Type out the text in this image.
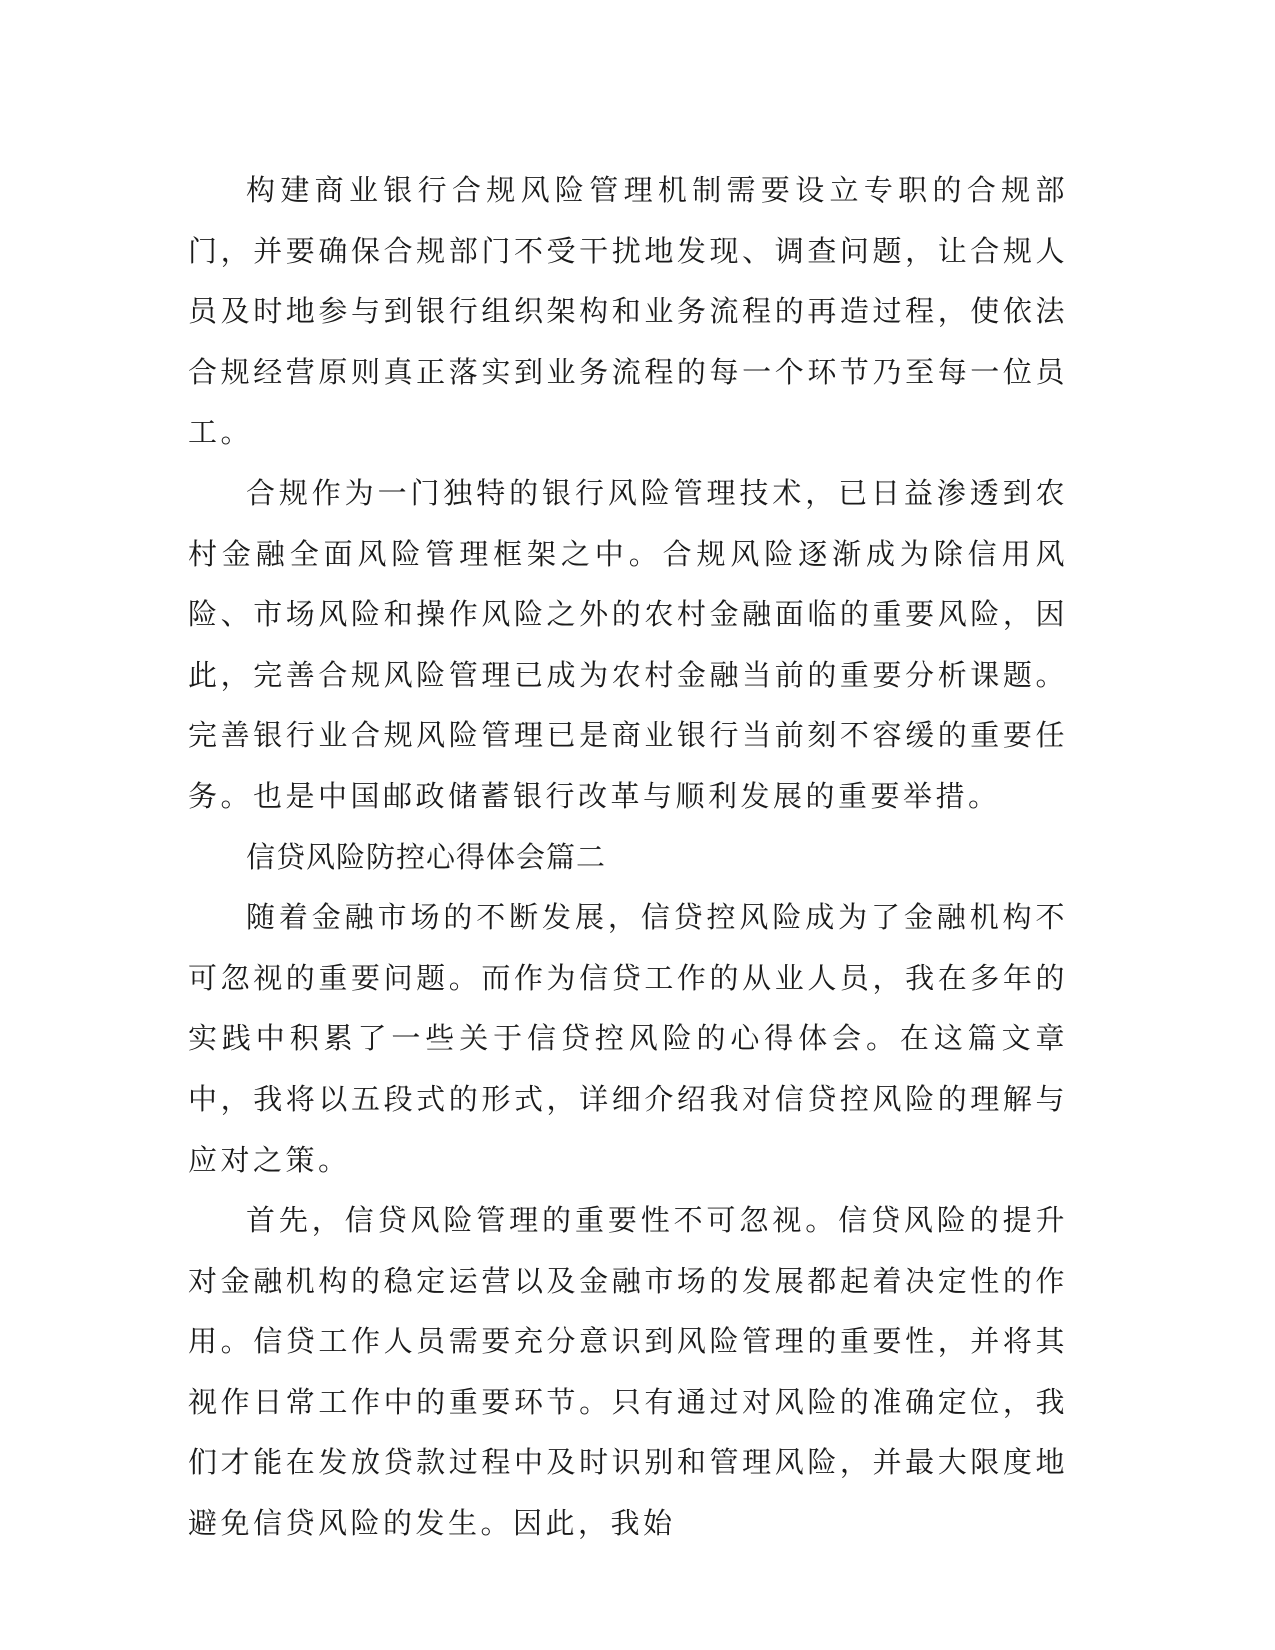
构建商业银行合规风险管理机制需要设立专职的合规部门，并要确保合规部门不受干扰地发现、调查问题，让合规人员及时地参与到银行组织架构和业务流程的再造过程，使依法合规经营原则真正落实到业务流程的每一个环节乃至每一位员工。

合规作为一门独特的银行风险管理技术，已日益渗透到农村金融全面风险管理框架之中。合规风险逐渐成为除信用风险、市场风险和操作风险之外的农村金融面临的重要风险，因此，完善合规风险管理已成为农村金融当前的重要分析课题。完善银行业合规风险管理已是商业银行当前刻不容缓的重要任务。也是中国邮政储蓄银行改革与顺利发展的重要举措。

信贷风险防控心得体会篇二

随着金融市场的不断发展，信贷控风险成为了金融机构不可忽视的重要问题。而作为信贷工作的从业人员，我在多年的实践中积累了一些关于信贷控风险的心得体会。在这篇文章中，我将以五段式的形式，详细介绍我对信贷控风险的理解与应对之策。

首先，信贷风险管理的重要性不可忽视。信贷风险的提升对金融机构的稳定运营以及金融市场的发展都起着决定性的作用。信贷工作人员需要充分意识到风险管理的重要性，并将其视作日常工作中的重要环节。只有通过对风险的准确定位，我们才能在发放贷款过程中及时识别和管理风险，并最大限度地避免信贷风险的发生。因此，我始
